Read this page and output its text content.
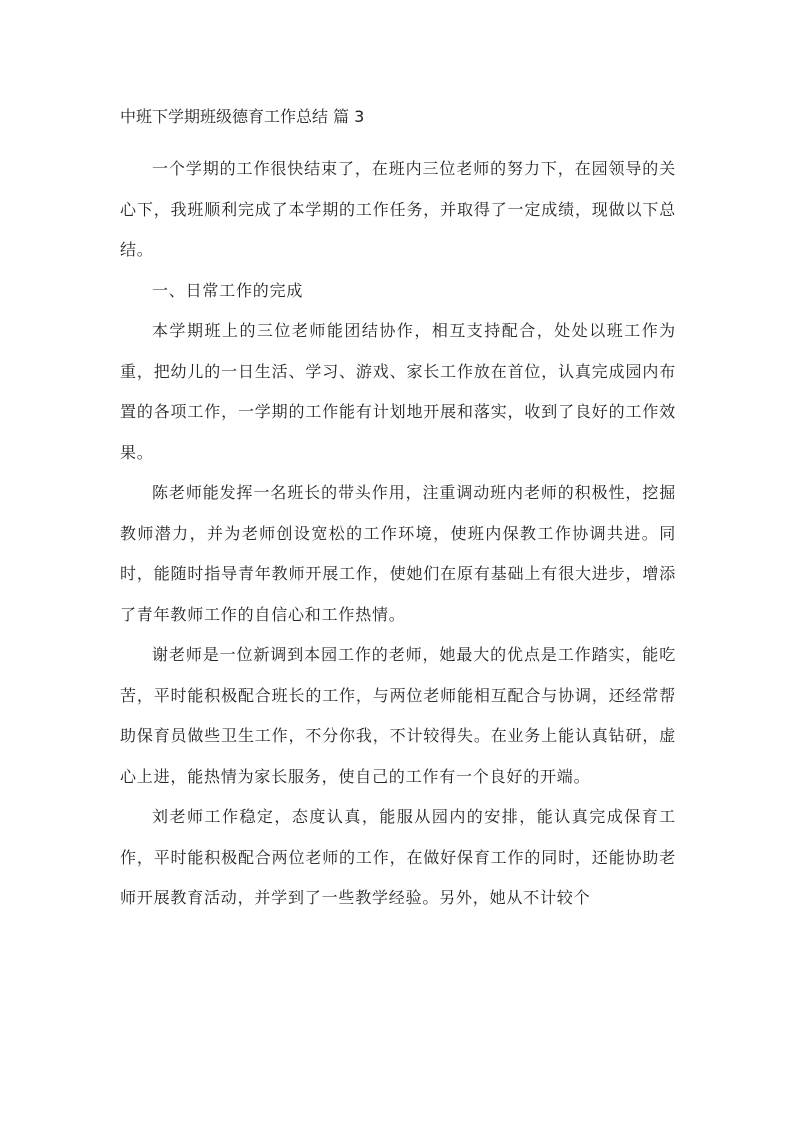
中班下学期班级德育工作总结 篇 3

一个学期的工作很快结束了，在班内三位老师的努力下，在园领导的关心下，我班顺利完成了本学期的工作任务，并取得了一定成绩，现做以下总结。

一、日常工作的完成

本学期班上的三位老师能团结协作，相互支持配合，处处以班工作为重，把幼儿的一日生活、学习、游戏、家长工作放在首位，认真完成园内布置的各项工作，一学期的工作能有计划地开展和落实，收到了良好的工作效果。

陈老师能发挥一名班长的带头作用，注重调动班内老师的积极性，挖掘教师潜力，并为老师创设宽松的工作环境，使班内保教工作协调共进。同时，能随时指导青年教师开展工作，使她们在原有基础上有很大进步，增添了青年教师工作的自信心和工作热情。

谢老师是一位新调到本园工作的老师，她最大的优点是工作踏实，能吃苦，平时能积极配合班长的工作，与两位老师能相互配合与协调，还经常帮助保育员做些卫生工作，不分你我，不计较得失。在业务上能认真钻研，虚心上进，能热情为家长服务，使自己的工作有一个良好的开端。

刘老师工作稳定，态度认真，能服从园内的安排，能认真完成保育工作，平时能积极配合两位老师的工作，在做好保育工作的同时，还能协助老师开展教育活动，并学到了一些教学经验。另外，她从不计较个
